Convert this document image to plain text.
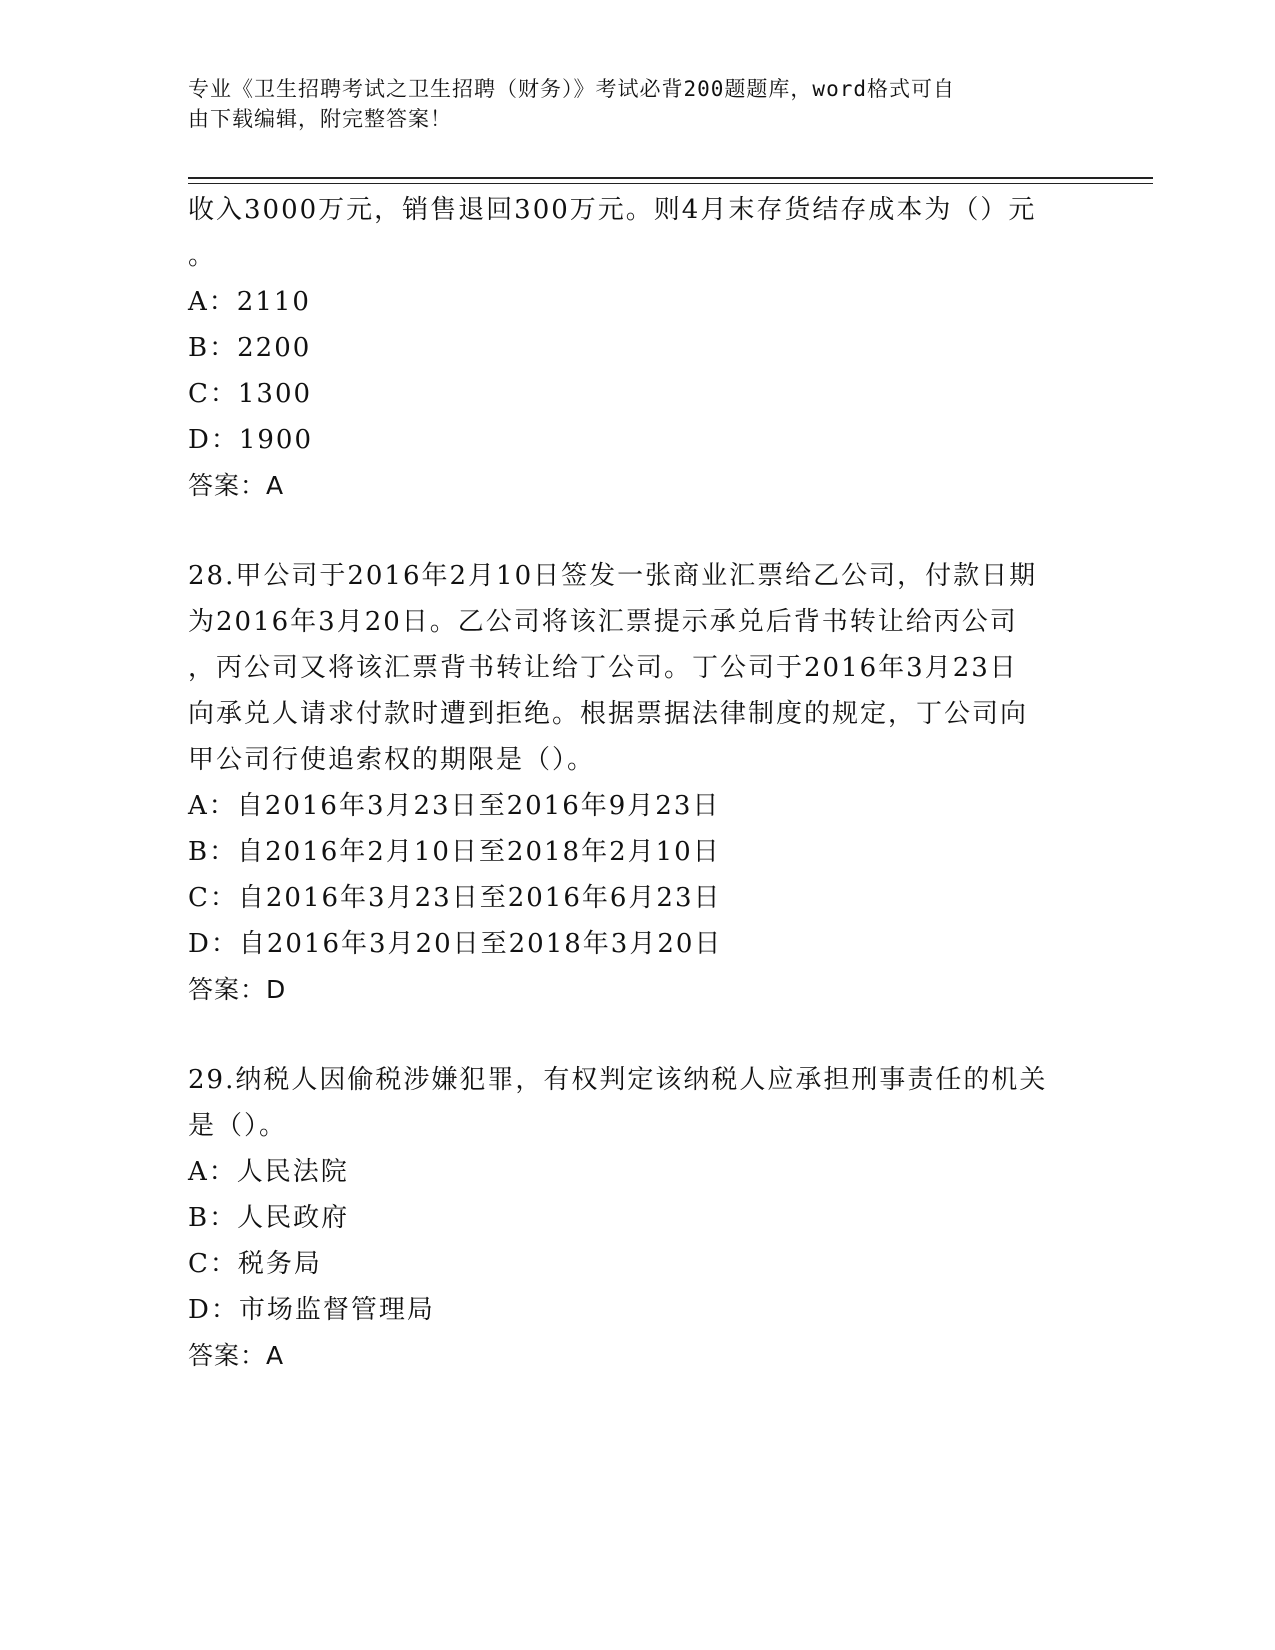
专业《卫生招聘考试之卫生招聘（财务）》考试必背200题题库，word格式可自
由下载编辑，附完整答案！
收入3000万元，销售退回300万元。则4月末存货结存成本为（）元
。
A：2110
B：2200
C：1300
D：1900
答案：A
28.甲公司于2016年2月10日签发一张商业汇票给乙公司，付款日期
为2016年3月20日。乙公司将该汇票提示承兑后背书转让给丙公司
，丙公司又将该汇票背书转让给丁公司。丁公司于2016年3月23日
向承兑人请求付款时遭到拒绝。根据票据法律制度的规定，丁公司向
甲公司行使追索权的期限是（）。
A：自2016年3月23日至2016年9月23日
B：自2016年2月10日至2018年2月10日
C：自2016年3月23日至2016年6月23日
D：自2016年3月20日至2018年3月20日
答案：D
29.纳税人因偷税涉嫌犯罪，有权判定该纳税人应承担刑事责任的机关
是（）。
A：人民法院
B：人民政府
C：税务局
D：市场监督管理局
答案：A
